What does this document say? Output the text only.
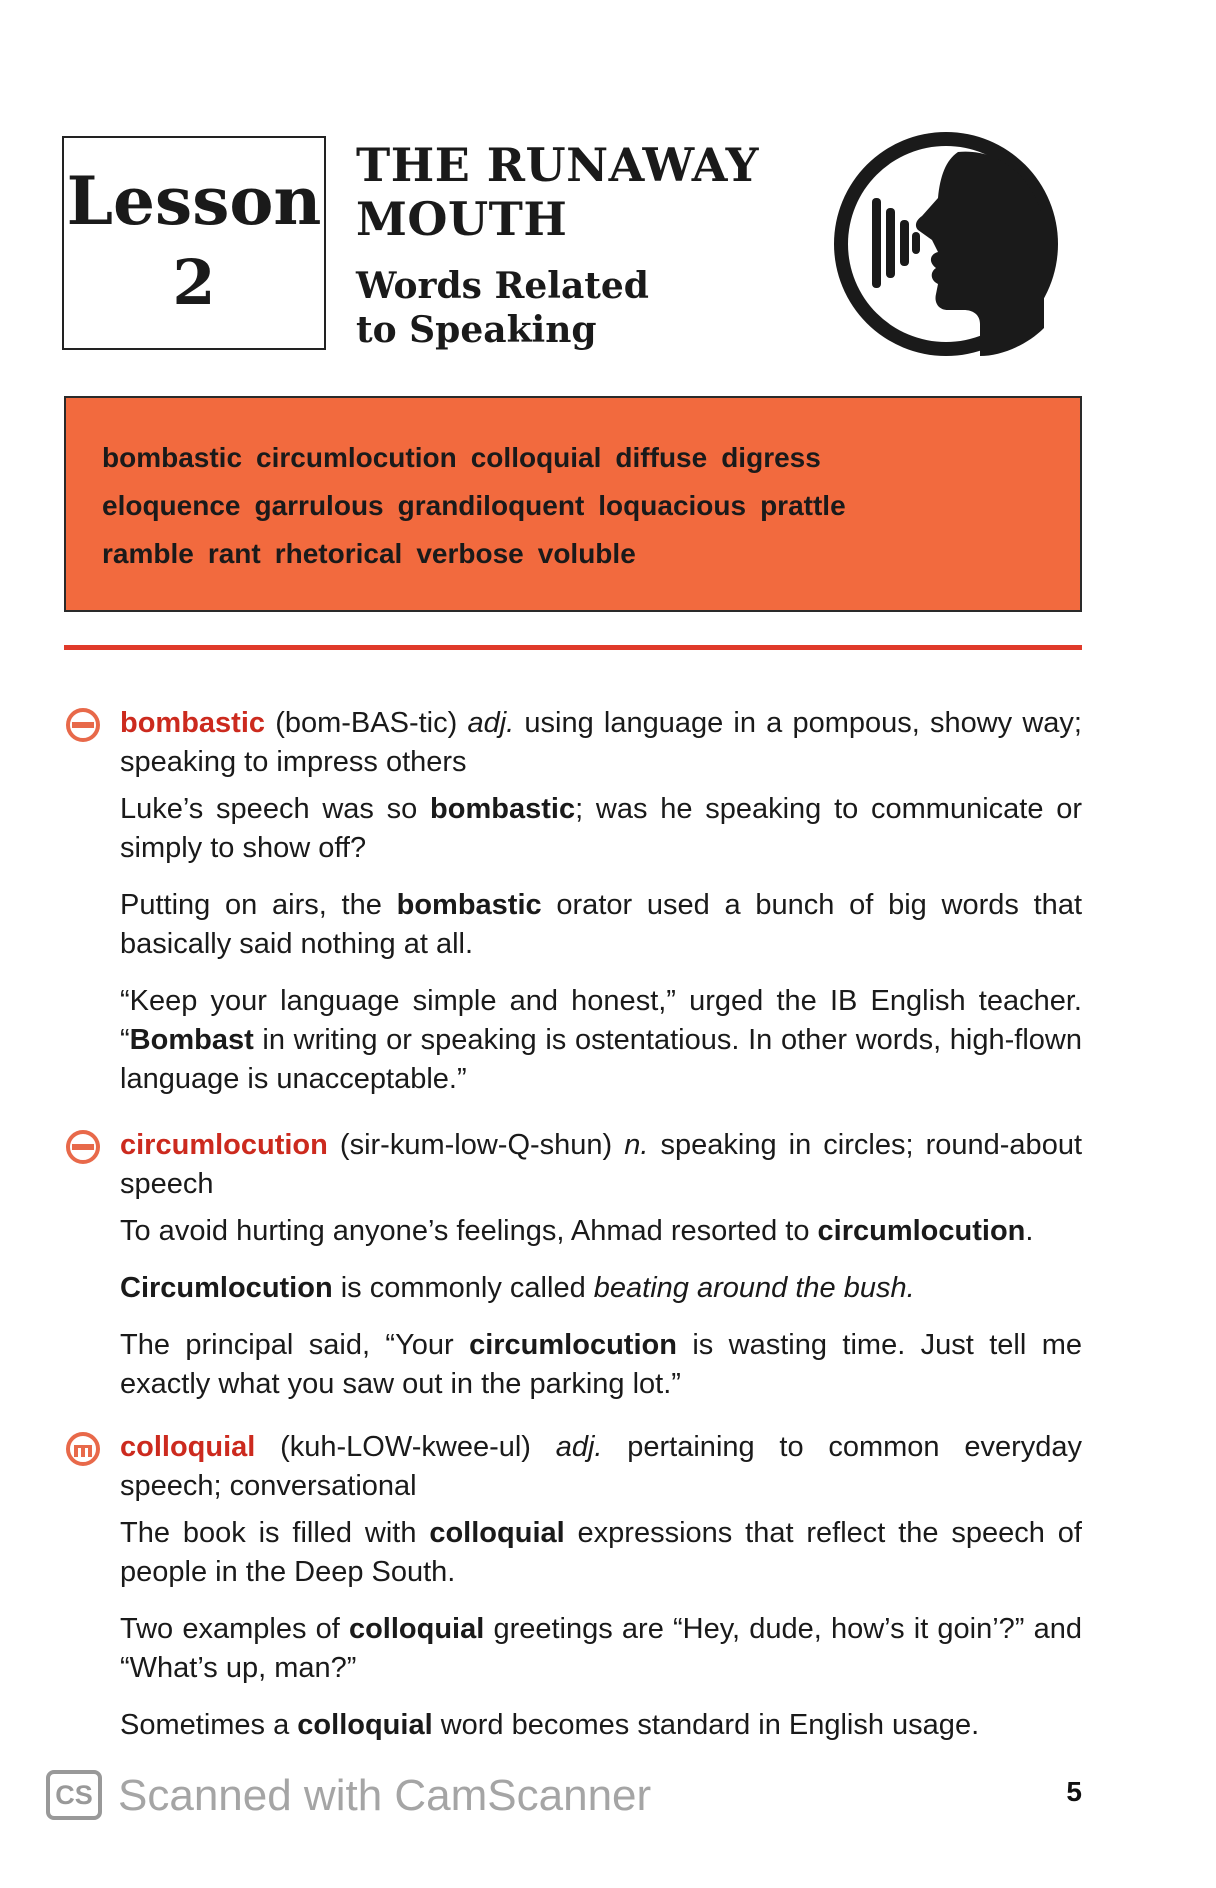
Lesson
2
THE RUNAWAY
MOUTH
Words Related
to Speaking
bombastic circumlocution colloquial diffuse digress
eloquence garrulous grandiloquent loquacious prattle
ramble rant rhetorical verbose voluble

bombastic (bom-BAS-tic) adj. using language in a pompous, showy way; speaking to impress others

Luke’s speech was so bombastic; was he speaking to communicate or simply to show off?

Putting on airs, the bombastic orator used a bunch of big words that basically said nothing at all.

“Keep your language simple and honest,” urged the IB English teacher. “Bombast in writing or speaking is ostentatious. In other words, high-flown language is unacceptable.”

circumlocution (sir-kum-low-Q-shun) n. speaking in circles; round-about speech

To avoid hurting anyone’s feelings, Ahmad resorted to circumlocution.

Circumlocution is commonly called beating around the bush.

The principal said, “Your circumlocution is wasting time. Just tell me exactly what you saw out in the parking lot.”

colloquial (kuh-LOW-kwee-ul) adj. pertaining to common everyday speech; conversational

The book is filled with colloquial expressions that reflect the speech of people in the Deep South.

Two examples of colloquial greetings are “Hey, dude, how’s it goin’?” and “What’s up, man?”

Sometimes a colloquial word becomes standard in English usage.

CS Scanned with CamScanner	5
